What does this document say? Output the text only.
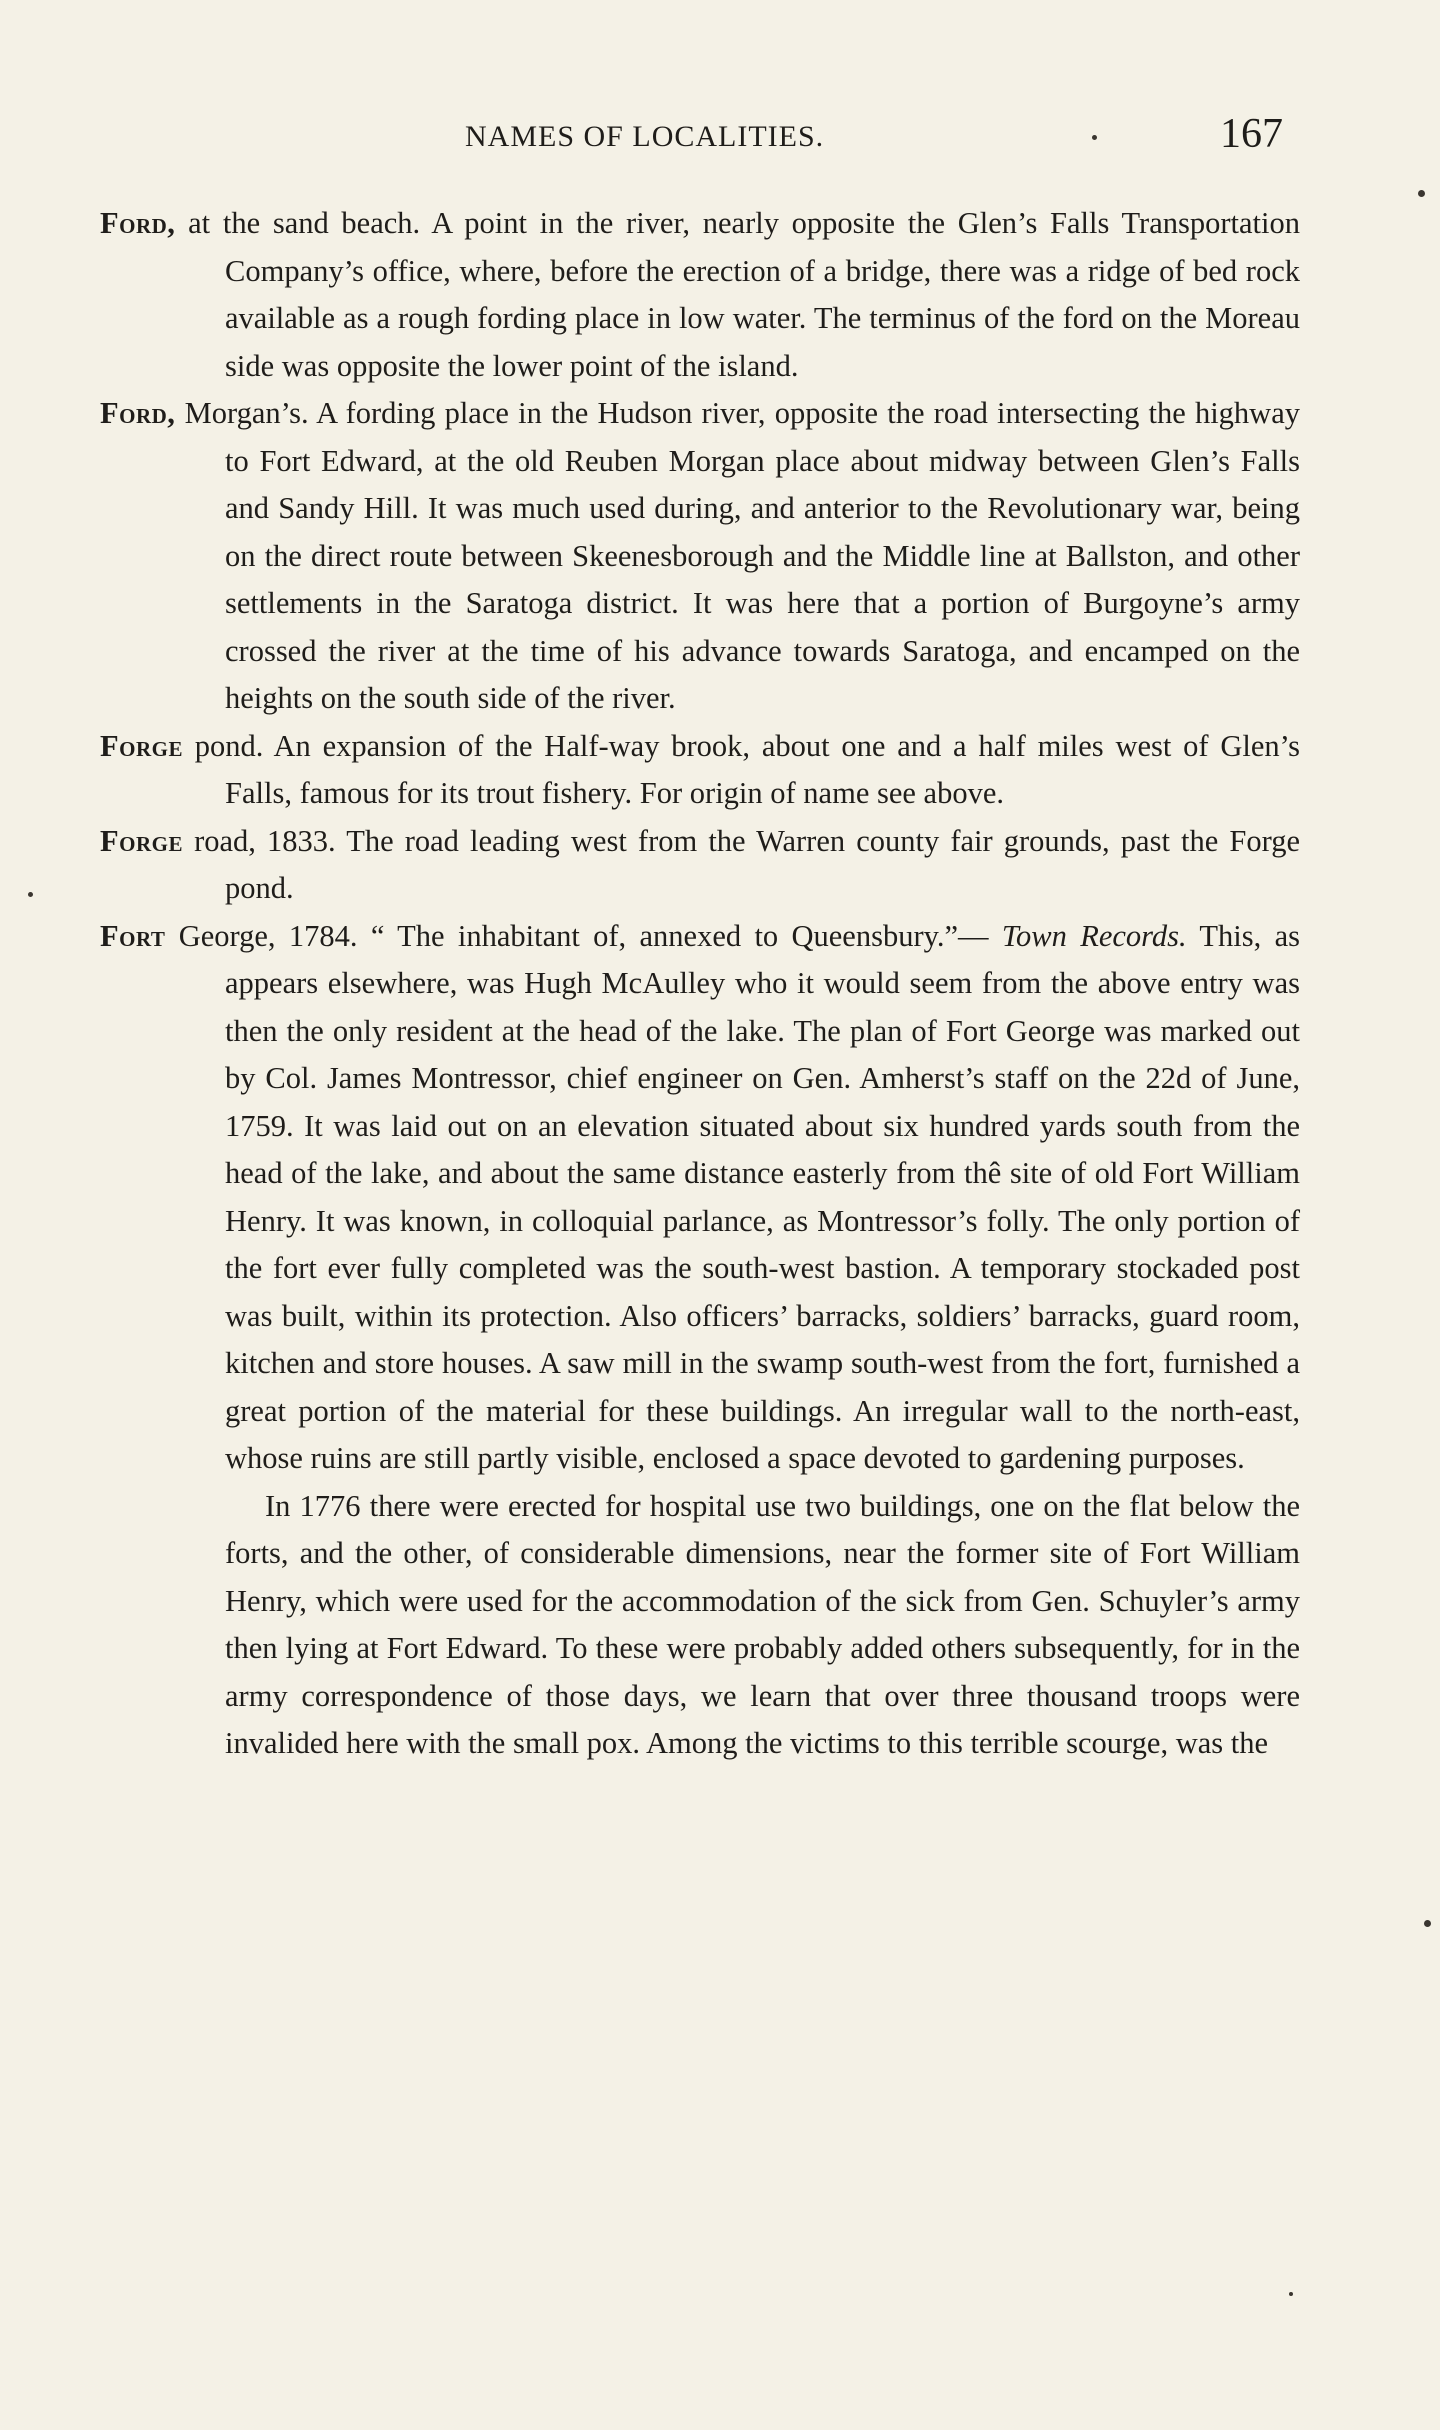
NAMES OF LOCALITIES.	167

Ford, at the sand beach. A point in the river, nearly opposite the Glen’s Falls Transportation Company’s office, where, before the erection of a bridge, there was a ridge of bed rock available as a rough fording place in low water. The terminus of the ford on the Moreau side was opposite the lower point of the island.

Ford, Morgan’s. A fording place in the Hudson river, opposite the road intersecting the highway to Fort Edward, at the old Reuben Morgan place about midway between Glen’s Falls and Sandy Hill. It was much used during, and anterior to the Revolutionary war, being on the direct route between Skeenesborough and the Middle line at Ballston, and other settlements in the Saratoga district. It was here that a portion of Burgoyne’s army crossed the river at the time of his advance towards Saratoga, and encamped on the heights on the south side of the river.

Forge pond. An expansion of the Half-way brook, about one and a half miles west of Glen’s Falls, famous for its trout fishery. For origin of name see above.

Forge road, 1833. The road leading west from the Warren county fair grounds, past the Forge pond.

Fort George, 1784. “ The inhabitant of, annexed to Queensbury.”— Town Records. This, as appears elsewhere, was Hugh McAulley who it would seem from the above entry was then the only resident at the head of the lake. The plan of Fort George was marked out by Col. James Montressor, chief engineer on Gen. Amherst’s staff on the 22d of June, 1759. It was laid out on an elevation situated about six hundred yards south from the head of the lake, and about the same distance easterly from thê site of old Fort William Henry. It was known, in colloquial parlance, as Montressor’s folly. The only portion of the fort ever fully completed was the south-west bastion. A temporary stockaded post was built, within its protection. Also officers’ barracks, soldiers’ barracks, guard room, kitchen and store houses. A saw mill in the swamp south-west from the fort, furnished a great portion of the material for these buildings. An irregular wall to the north-east, whose ruins are still partly visible, enclosed a space devoted to gardening purposes.

In 1776 there were erected for hospital use two buildings, one on the flat below the forts, and the other, of considerable dimensions, near the former site of Fort William Henry, which were used for the accommodation of the sick from Gen. Schuyler’s army then lying at Fort Edward. To these were probably added others subsequently, for in the army correspondence of those days, we learn that over three thousand troops were invalided here with the small pox. Among the victims to this terrible scourge, was the
